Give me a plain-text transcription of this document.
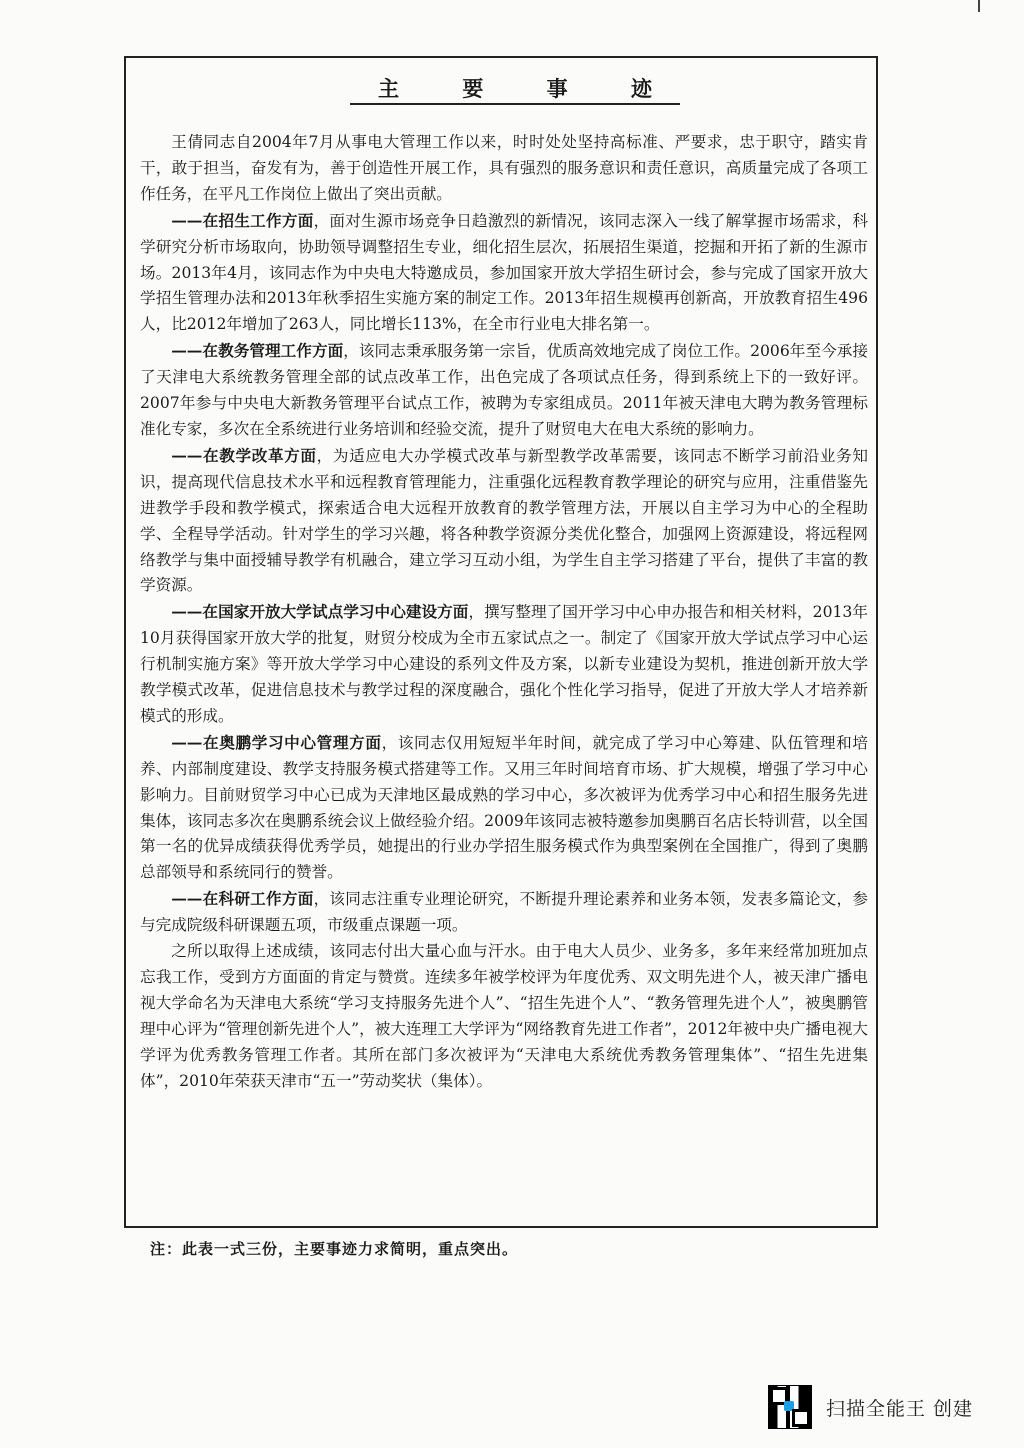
主 要 事 迹

王倩同志自2004年7月从事电大管理工作以来，时时处处坚持高标准、严要求，忠于职守，踏实肯干，敢于担当，奋发有为，善于创造性开展工作，具有强烈的服务意识和责任意识，高质量完成了各项工作任务，在平凡工作岗位上做出了突出贡献。

——在招生工作方面，面对生源市场竞争日趋激烈的新情况，该同志深入一线了解掌握市场需求，科学研究分析市场取向，协助领导调整招生专业，细化招生层次，拓展招生渠道，挖掘和开拓了新的生源市场。2013年4月，该同志作为中央电大特邀成员，参加国家开放大学招生研讨会，参与完成了国家开放大学招生管理办法和2013年秋季招生实施方案的制定工作。2013年招生规模再创新高，开放教育招生496人，比2012年增加了263人，同比增长113%，在全市行业电大排名第一。

——在教务管理工作方面，该同志秉承服务第一宗旨，优质高效地完成了岗位工作。2006年至今承接了天津电大系统教务管理全部的试点改革工作，出色完成了各项试点任务，得到系统上下的一致好评。2007年参与中央电大新教务管理平台试点工作，被聘为专家组成员。2011年被天津电大聘为教务管理标准化专家，多次在全系统进行业务培训和经验交流，提升了财贸电大在电大系统的影响力。

——在教学改革方面，为适应电大办学模式改革与新型教学改革需要，该同志不断学习前沿业务知识，提高现代信息技术水平和远程教育管理能力，注重强化远程教育教学理论的研究与应用，注重借鉴先进教学手段和教学模式，探索适合电大远程开放教育的教学管理方法，开展以自主学习为中心的全程助学、全程导学活动。针对学生的学习兴趣，将各种教学资源分类优化整合，加强网上资源建设，将远程网络教学与集中面授辅导教学有机融合，建立学习互动小组，为学生自主学习搭建了平台，提供了丰富的教学资源。

——在国家开放大学试点学习中心建设方面，撰写整理了国开学习中心申办报告和相关材料，2013年10月获得国家开放大学的批复，财贸分校成为全市五家试点之一。制定了《国家开放大学试点学习中心运行机制实施方案》等开放大学学习中心建设的系列文件及方案，以新专业建设为契机，推进创新开放大学教学模式改革，促进信息技术与教学过程的深度融合，强化个性化学习指导，促进了开放大学人才培养新模式的形成。

——在奥鹏学习中心管理方面，该同志仅用短短半年时间，就完成了学习中心筹建、队伍管理和培养、内部制度建设、教学支持服务模式搭建等工作。又用三年时间培育市场、扩大规模，增强了学习中心影响力。目前财贸学习中心已成为天津地区最成熟的学习中心，多次被评为优秀学习中心和招生服务先进集体，该同志多次在奥鹏系统会议上做经验介绍。2009年该同志被特邀参加奥鹏百名店长特训营，以全国第一名的优异成绩获得优秀学员，她提出的行业办学招生服务模式作为典型案例在全国推广，得到了奥鹏总部领导和系统同行的赞誉。

——在科研工作方面，该同志注重专业理论研究，不断提升理论素养和业务本领，发表多篇论文，参与完成院级科研课题五项，市级重点课题一项。

之所以取得上述成绩，该同志付出大量心血与汗水。由于电大人员少、业务多，多年来经常加班加点忘我工作，受到方方面面的肯定与赞赏。连续多年被学校评为年度优秀、双文明先进个人，被天津广播电视大学命名为天津电大系统“学习支持服务先进个人”、“招生先进个人”、“教务管理先进个人”，被奥鹏管理中心评为“管理创新先进个人”，被大连理工大学评为“网络教育先进工作者”，2012年被中央广播电视大学评为优秀教务管理工作者。其所在部门多次被评为“天津电大系统优秀教务管理集体”、“招生先进集体”，2010年荣获天津市“五一”劳动奖状（集体）。

注：此表一式三份，主要事迹力求简明，重点突出。
扫描全能王 创建
